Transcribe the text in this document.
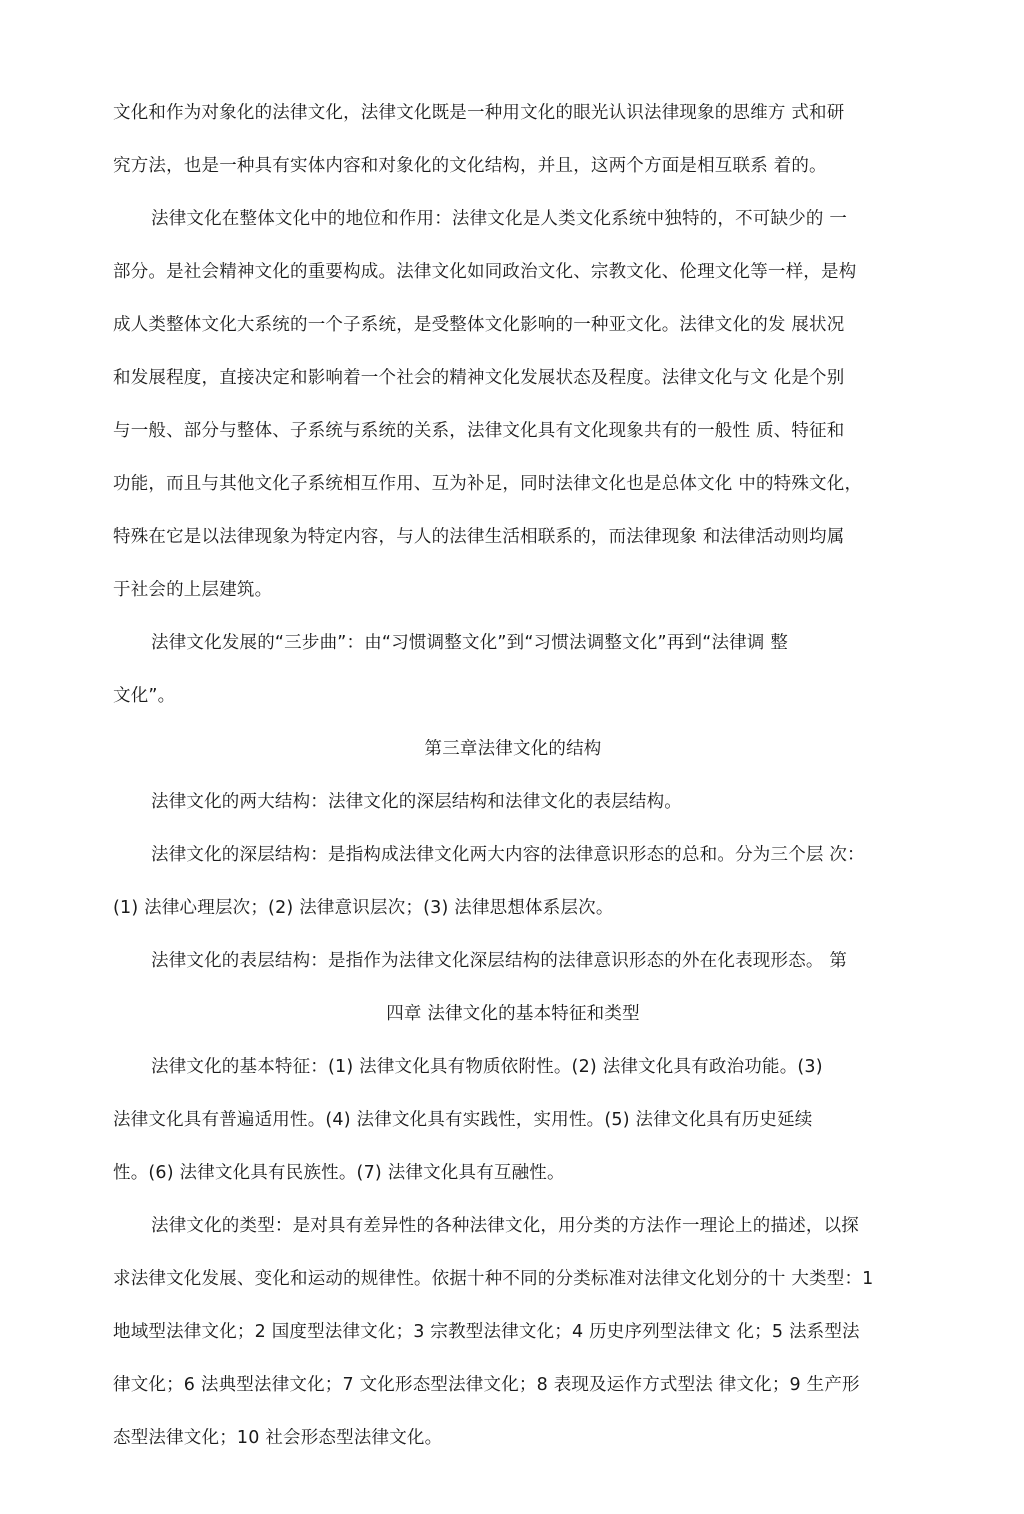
文化和作为对象化的法律文化，法律文化既是一种用文化的眼光认识法律现象的思维方 式和研
究方法，也是一种具有实体内容和对象化的文化结构，并且，这两个方面是相互联系 着的。
法律文化在整体文化中的地位和作用：法律文化是人类文化系统中独特的，不可缺少的 一
部分。是社会精神文化的重要构成。法律文化如同政治文化、宗教文化、伦理文化等一样，是构
成人类整体文化大系统的一个子系统，是受整体文化影响的一种亚文化。法律文化的发 展状况
和发展程度，直接决定和影响着一个社会的精神文化发展状态及程度。法律文化与文 化是个别
与一般、部分与整体、子系统与系统的关系，法律文化具有文化现象共有的一般性 质、特征和
功能，而且与其他文化子系统相互作用、互为补足，同时法律文化也是总体文化 中的特殊文化，
特殊在它是以法律现象为特定内容，与人的法律生活相联系的，而法律现象 和法律活动则均属
于社会的上层建筑。
法律文化发展的“三步曲”：由“习惯调整文化”到“习惯法调整文化”再到“法律调 整
文化”。
第三章法律文化的结构
法律文化的两大结构：法律文化的深层结构和法律文化的表层结构。
法律文化的深层结构：是指构成法律文化两大内容的法律意识形态的总和。分为三个层 次：
(1) 法律心理层次；(2) 法律意识层次；(3) 法律思想体系层次。
法律文化的表层结构：是指作为法律文化深层结构的法律意识形态的外在化表现形态。 第
四章 法律文化的基本特征和类型
法律文化的基本特征：(1) 法律文化具有物质依附性。(2) 法律文化具有政治功能。(3)
法律文化具有普遍适用性。(4) 法律文化具有实践性，实用性。(5) 法律文化具有历史延续
性。(6) 法律文化具有民族性。(7) 法律文化具有互融性。
法律文化的类型：是对具有差异性的各种法律文化，用分类的方法作一理论上的描述，以探
求法律文化发展、变化和运动的规律性。依据十种不同的分类标准对法律文化划分的十 大类型：1
地域型法律文化；2 国度型法律文化；3 宗教型法律文化；4 历史序列型法律文 化；5 法系型法
律文化；6 法典型法律文化；7 文化形态型法律文化；8 表现及运作方式型法 律文化；9 生产形
态型法律文化；10 社会形态型法律文化。
